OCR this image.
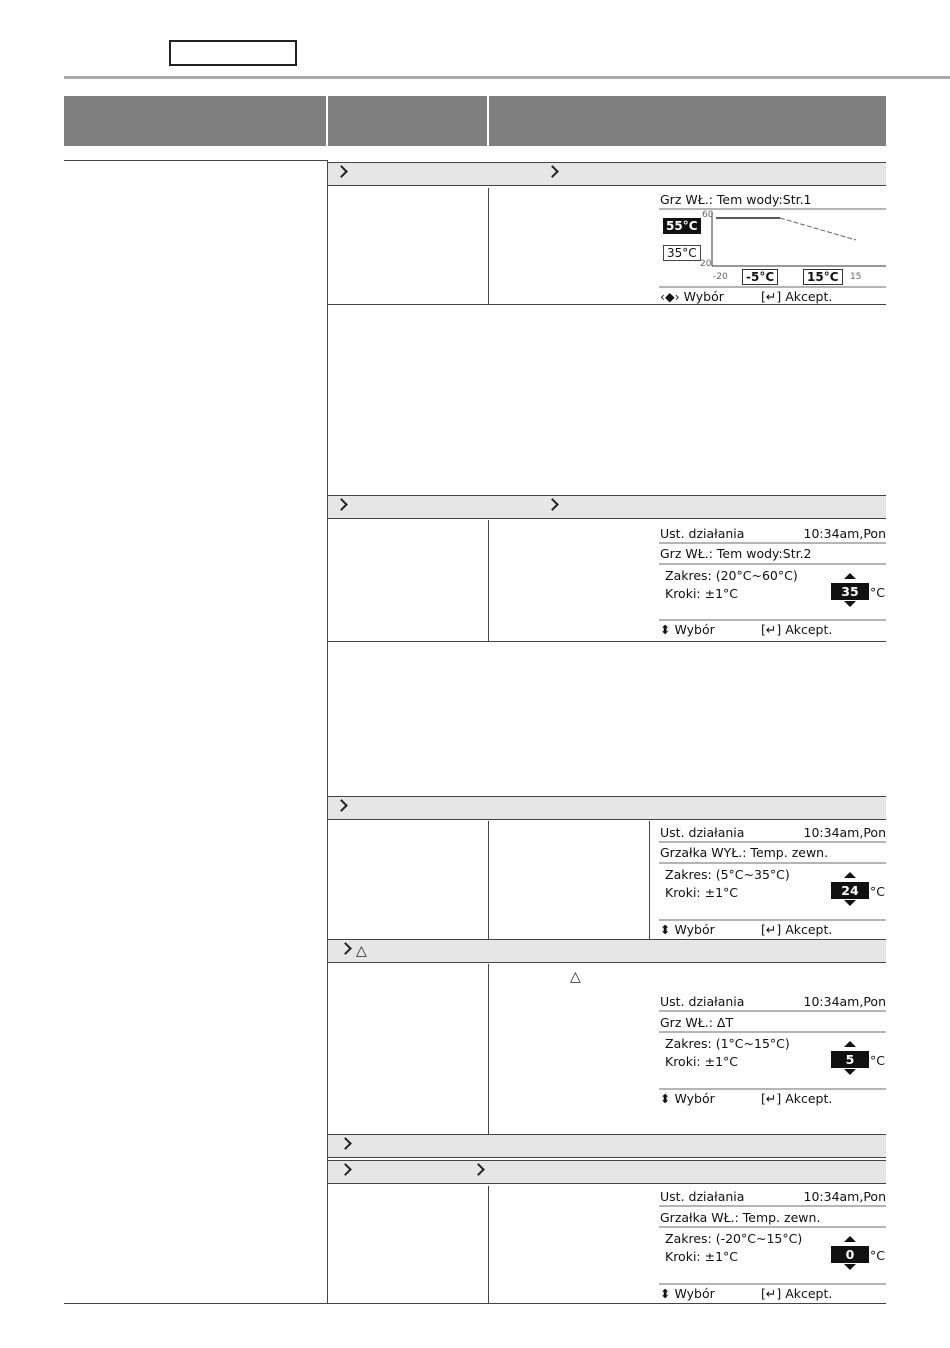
△
△
Grz WŁ.: Tem wody:Str.1
55°C
35°C
60
20
-20	-5°C	15°C	15
‹◆› Wybór	[↵] Akcept.
Ust. działania	10:34am,Pon
Grz WŁ.: Tem wody:Str.2
Zakres: (20°C~60°C)
Kroki: ±1°C	35 °C
⬍ Wybór	[↵] Akcept.
Ust. działania	10:34am,Pon
Grzałka WYŁ.: Temp. zewn.
Zakres: (5°C~35°C)
Kroki: ±1°C	24 °C
⬍ Wybór	[↵] Akcept.
Ust. działania	10:34am,Pon
Grz WŁ.: ΔT
Zakres: (1°C~15°C)
Kroki: ±1°C	5	°C
⬍ Wybór	[↵] Akcept.
Ust. działania	10:34am,Pon
Grzałka WŁ.: Temp. zewn.
Zakres: (-20°C~15°C)
Kroki: ±1°C	0	°C
⬍ Wybór	[↵] Akcept.
